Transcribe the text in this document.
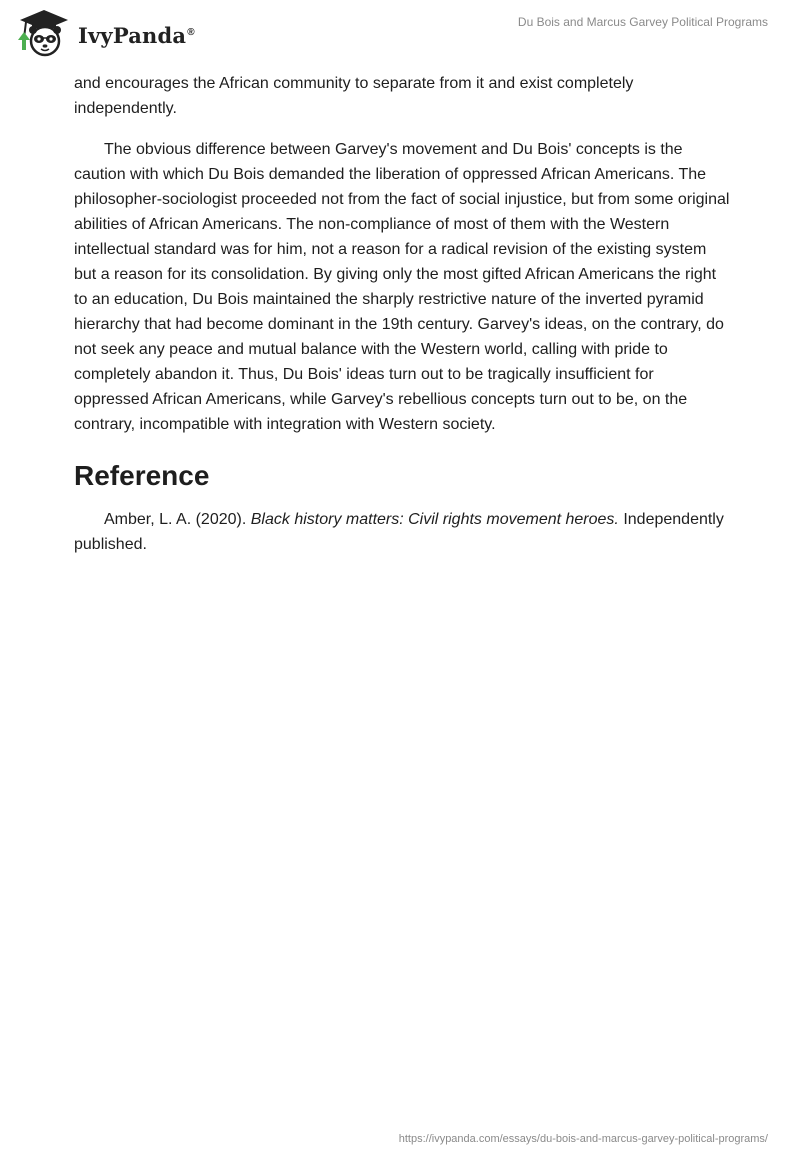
IvyPanda®
Du Bois and Marcus Garvey Political Programs

and encourages the African community to separate from it and exist completely independently.

The obvious difference between Garvey's movement and Du Bois' concepts is the caution with which Du Bois demanded the liberation of oppressed African Americans. The philosopher-sociologist proceeded not from the fact of social injustice, but from some original abilities of African Americans. The non-compliance of most of them with the Western intellectual standard was for him, not a reason for a radical revision of the existing system but a reason for its consolidation. By giving only the most gifted African Americans the right to an education, Du Bois maintained the sharply restrictive nature of the inverted pyramid hierarchy that had become dominant in the 19th century. Garvey's ideas, on the contrary, do not seek any peace and mutual balance with the Western world, calling with pride to completely abandon it. Thus, Du Bois' ideas turn out to be tragically insufficient for oppressed African Americans, while Garvey's rebellious concepts turn out to be, on the contrary, incompatible with integration with Western society.

Reference

Amber, L. A. (2020). Black history matters: Civil rights movement heroes. Independently published.

https://ivypanda.com/essays/du-bois-and-marcus-garvey-political-programs/
